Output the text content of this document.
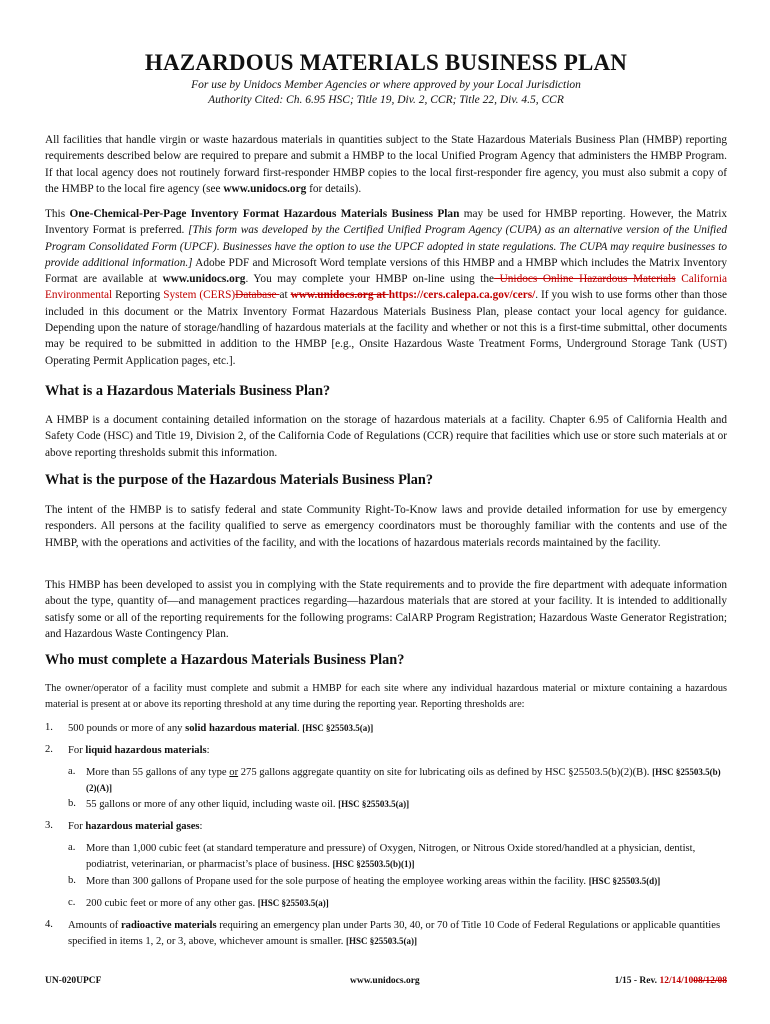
HAZARDOUS MATERIALS BUSINESS PLAN
For use by Unidocs Member Agencies or where approved by your Local Jurisdiction
Authority Cited: Ch. 6.95 HSC; Title 19, Div. 2, CCR; Title 22, Div. 4.5, CCR
All facilities that handle virgin or waste hazardous materials in quantities subject to the State Hazardous Materials Business Plan (HMBP) reporting requirements described below are required to prepare and submit a HMBP to the local Unified Program Agency that administers the HMBP Program. If that local agency does not routinely forward first-responder HMBP copies to the local first-responder fire agency, you must also submit a copy of the HMBP to the local fire agency (see www.unidocs.org for details).
This One-Chemical-Per-Page Inventory Format Hazardous Materials Business Plan may be used for HMBP reporting. However, the Matrix Inventory Format is preferred. [This form was developed by the Certified Unified Program Agency (CUPA) as an alternative version of the Unified Program Consolidated Form (UPCF). Businesses have the option to use the UPCF adopted in state regulations. The CUPA may require businesses to provide additional information.] Adobe PDF and Microsoft Word template versions of this HMBP and a HMBP which includes the Matrix Inventory Format are available at www.unidocs.org. You may complete your HMBP on-line using the Unidocs Online Hazardous Materials California Environmental Reporting System (CERS)Database at www.unidocs.org at https://cers.calepa.ca.gov/cers/. If you wish to use forms other than those included in this document or the Matrix Inventory Format Hazardous Materials Business Plan, please contact your local agency for guidance. Depending upon the nature of storage/handling of hazardous materials at the facility and whether or not this is a first-time submittal, other documents may be required to be submitted in addition to the HMBP [e.g., Onsite Hazardous Waste Treatment Forms, Underground Storage Tank (UST) Operating Permit Application pages, etc.].
What is a Hazardous Materials Business Plan?
A HMBP is a document containing detailed information on the storage of hazardous materials at a facility. Chapter 6.95 of California Health and Safety Code (HSC) and Title 19, Division 2, of the California Code of Regulations (CCR) require that facilities which use or store such materials at or above reporting thresholds submit this information.
What is the purpose of the Hazardous Materials Business Plan?
The intent of the HMBP is to satisfy federal and state Community Right-To-Know laws and provide detailed information for use by emergency responders. All persons at the facility qualified to serve as emergency coordinators must be thoroughly familiar with the contents and use of the HMBP, with the operations and activities of the facility, and with the locations of hazardous materials records maintained by the facility.
This HMBP has been developed to assist you in complying with the State requirements and to provide the fire department with adequate information about the type, quantity of—and management practices regarding—hazardous materials that are stored at your facility. It is intended to additionally satisfy some or all of the reporting requirements for the following programs: CalARP Program Registration; Hazardous Waste Generator Registration; and Hazardous Waste Contingency Plan.
Who must complete a Hazardous Materials Business Plan?
The owner/operator of a facility must complete and submit a HMBP for each site where any individual hazardous material or mixture containing a hazardous material is present at or above its reporting threshold at any time during the reporting year. Reporting thresholds are:
1. 500 pounds or more of any solid hazardous material. [HSC §25503.5(a)]
2. For liquid hazardous materials:
a. More than 55 gallons of any type or 275 gallons aggregate quantity on site for lubricating oils as defined by HSC §25503.5(b)(2)(B). [HSC §25503.5(b)(2)(A)]
b. 55 gallons or more of any other liquid, including waste oil. [HSC §25503.5(a)]
3. For hazardous material gases:
a. More than 1,000 cubic feet (at standard temperature and pressure) of Oxygen, Nitrogen, or Nitrous Oxide stored/handled at a physician, dentist, podiatrist, veterinarian, or pharmacist’s place of business. [HSC §25503.5(b)(1)]
b. More than 300 gallons of Propane used for the sole purpose of heating the employee working areas within the facility. [HSC §25503.5(d)]
c. 200 cubic feet or more of any other gas. [HSC §25503.5(a)]
4. Amounts of radioactive materials requiring an emergency plan under Parts 30, 40, or 70 of Title 10 Code of Federal Regulations or applicable quantities specified in items 1, 2, or 3, above, whichever amount is smaller. [HSC §25503.5(a)]
UN-020UPCF	www.unidocs.org	1/15 - Rev. 12/14/1008/12/08
